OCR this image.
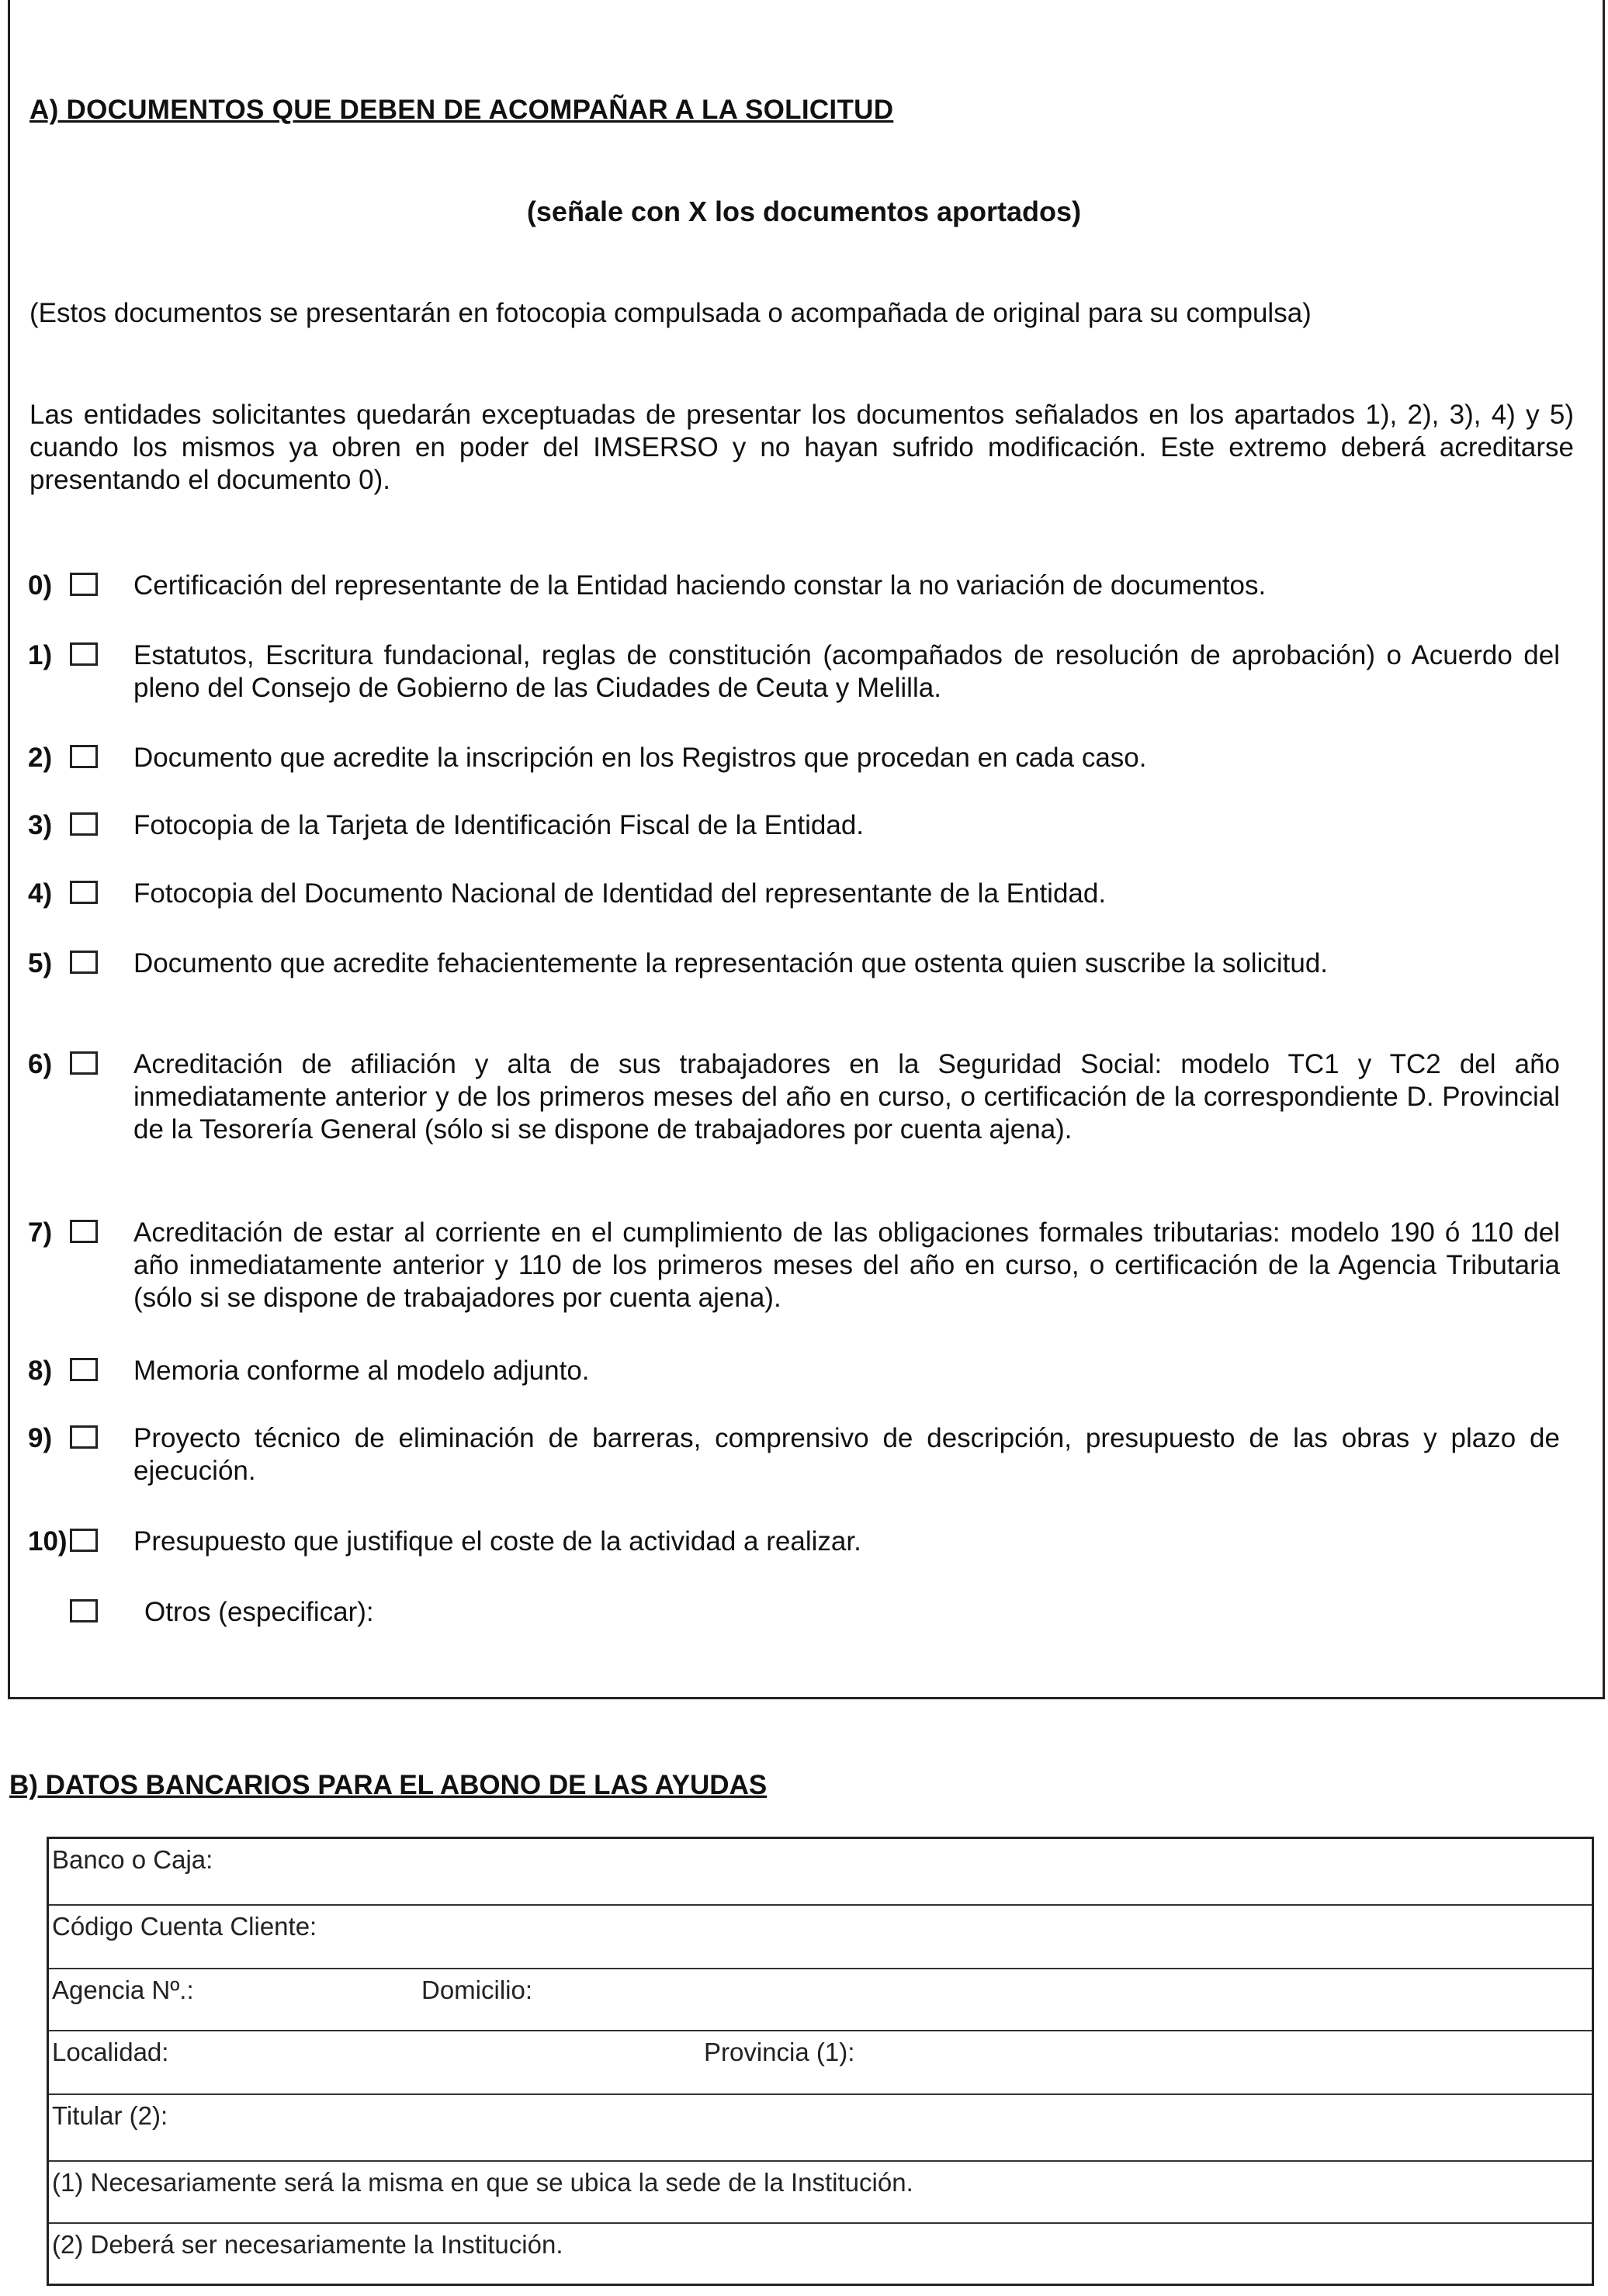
A) DOCUMENTOS QUE DEBEN DE ACOMPAÑAR A LA SOLICITUD
(señale con X los documentos aportados)
(Estos documentos se presentarán en fotocopia compulsada o acompañada de original para su compulsa)
Las entidades solicitantes quedarán exceptuadas de presentar los documentos señalados en los apartados 1), 2), 3), 4) y 5) cuando los mismos ya obren en poder del IMSERSO y no hayan sufrido modificación. Este extremo deberá acreditarse presentando el documento 0).
0)	Certificación del representante de la Entidad haciendo constar la no variación de documentos.
1)	Estatutos, Escritura fundacional, reglas de constitución (acompañados de resolución de aprobación) o Acuerdo del pleno del Consejo de Gobierno de las Ciudades de Ceuta y Melilla.
2)	Documento que acredite la inscripción en los Registros que procedan en cada caso.
3)	Fotocopia de la Tarjeta de Identificación Fiscal de la Entidad.
4)	Fotocopia del Documento Nacional de Identidad del representante de la Entidad.
5)	Documento que acredite fehacientemente la representación que ostenta quien suscribe la solicitud.
6)	Acreditación de afiliación y alta de sus trabajadores en la Seguridad Social: modelo TC1 y TC2 del año inmediatamente anterior y de los primeros meses del año en curso, o certificación de la correspondiente D. Provincial de la Tesorería General (sólo si se dispone de trabajadores por cuenta ajena).
7)	Acreditación de estar al corriente en el cumplimiento de las obligaciones formales tributarias: modelo 190 ó 110 del año inmediatamente anterior y 110 de los primeros meses del año en curso, o certificación de la Agencia Tributaria (sólo si se dispone de trabajadores por cuenta ajena).
8)	Memoria conforme al modelo adjunto.
9)	Proyecto técnico de eliminación de barreras, comprensivo de descripción, presupuesto de las obras y plazo de ejecución.
10) Presupuesto que justifique el coste de la actividad a realizar.
Otros (especificar):
B) DATOS BANCARIOS PARA EL ABONO DE LAS AYUDAS
Banco o Caja:
Código Cuenta Cliente:
Agencia Nº.:	Domicilio:
Localidad:	Provincia (1):
Titular (2):
(1) Necesariamente será la misma en que se ubica la sede de la Institución.
(2) Deberá ser necesariamente la Institución.
